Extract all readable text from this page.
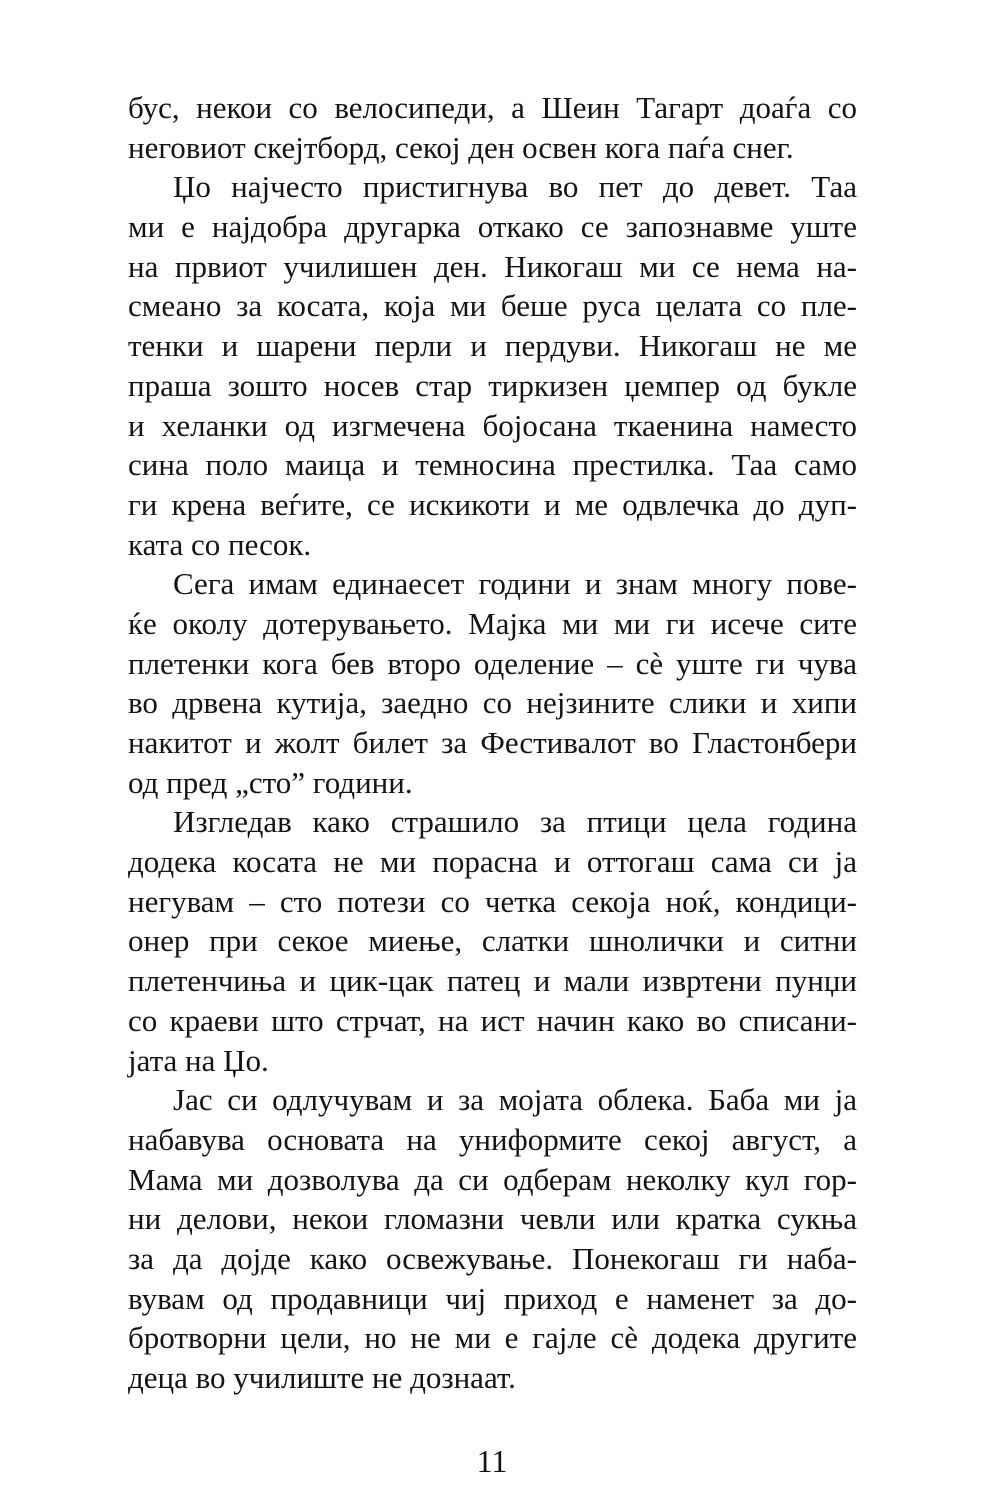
бус, некои со велосипеди, а Шеин Тагарт доаѓа со
неговиот скејтборд, секој ден освен кога паѓа снег.
Џо најчесто пристигнува во пет до девет. Таа
ми е најдобра другарка откако се запознавме уште
на првиот училишен ден. Никогаш ми се нема на-
смеано за косата, која ми беше руса целата со пле-
тенки и шарени перли и пердуви. Никогаш не ме
праша зошто носев стар тиркизен џемпер од букле
и хеланки од изгмечена бојосана ткаенина наместо
сина поло маица и темносина престилка. Таа само
ги крена веѓите, се искикоти и ме одвлечка до дуп-
ката со песок.
Сега имам единаесет години и знам многу пове-
ќе околу дотерувањето. Мајка ми ми ги исече сите
плетенки кога бев второ оделение – сѐ уште ги чува
во дрвена кутија, заедно со нејзините слики и хипи
накитот и жолт билет за Фестивалот во Гластонбери
од пред „сто” години.
Изгледав како страшило за птици цела година
додека косата не ми порасна и оттогаш сама си ја
негувам – сто потези со четка секоја ноќ, кондици-
онер при секое миење, слатки шнолички и ситни
плетенчиња и цик-цак патец и мали извртени пунџи
со краеви што стрчат, на ист начин како во списани-
јата на Џо.
Јас си одлучувам и за мојата облека. Баба ми ја
набавува основата на униформите секој август, а
Мама ми дозволува да си одберам неколку кул гор-
ни делови, некои гломазни чевли или кратка сукња
за да дојде како освежување. Понекогаш ги наба-
вувам од продавници чиј приход е наменет за до-
бротворни цели, но не ми е гајле сѐ додека другите
деца во училиште не дознаат.
11
